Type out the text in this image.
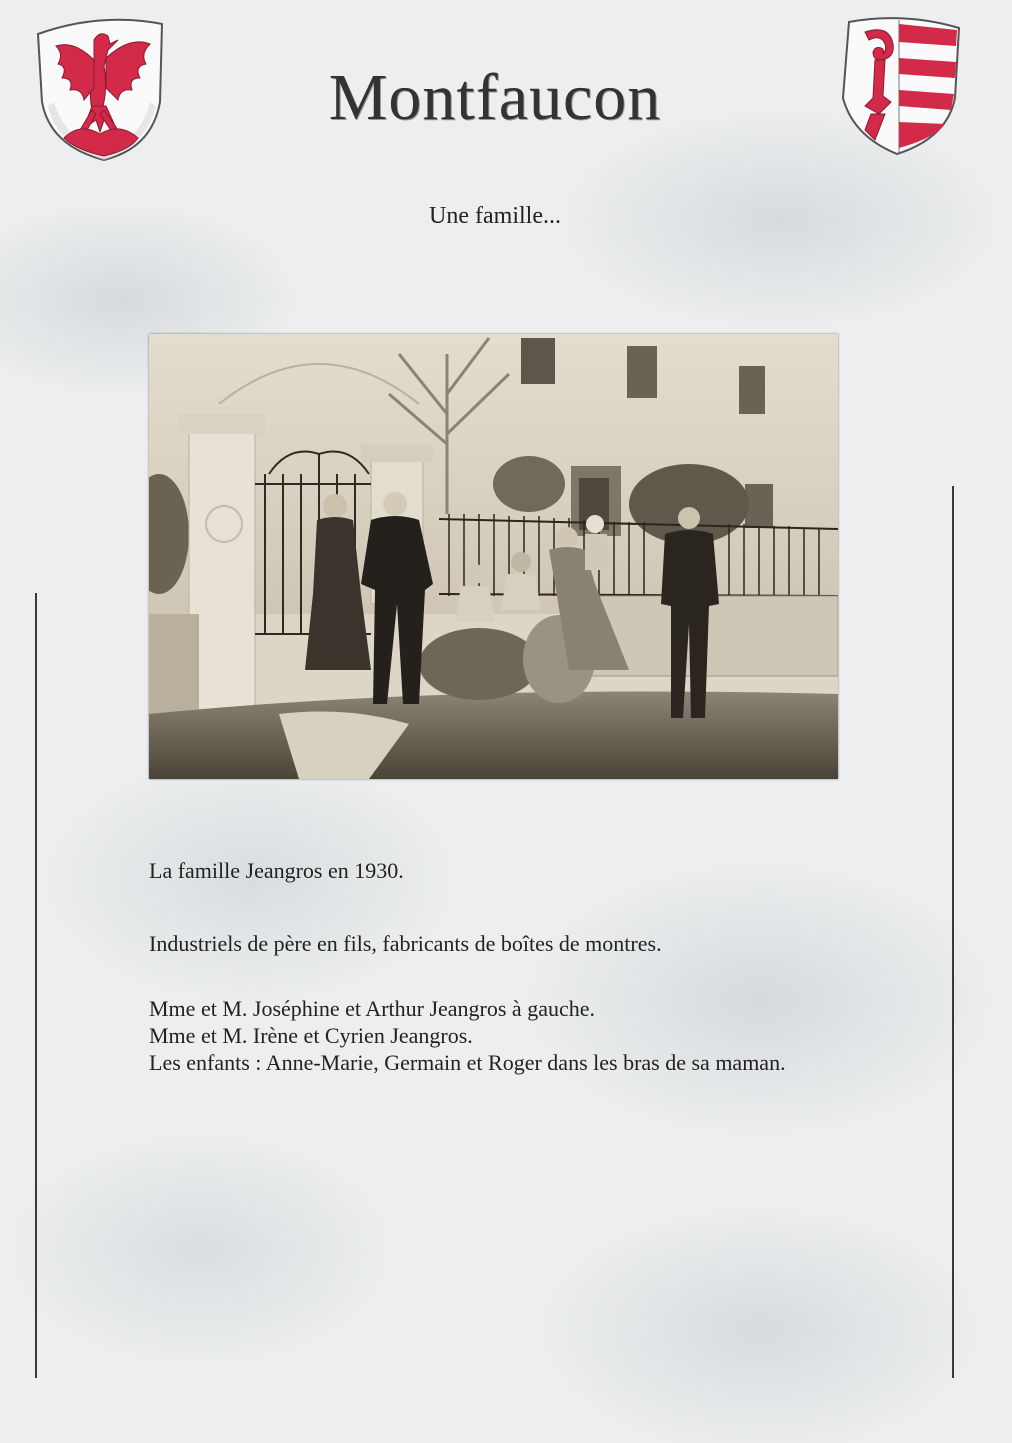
Montfaucon
Une famille...
La famille Jeangros en 1930.
Industriels de père en fils, fabricants de boîtes de montres.
Mme et M. Joséphine et Arthur Jeangros à gauche.
Mme et M. Irène et Cyrien Jeangros.
Les enfants : Anne-Marie, Germain et Roger dans les bras de sa maman.
